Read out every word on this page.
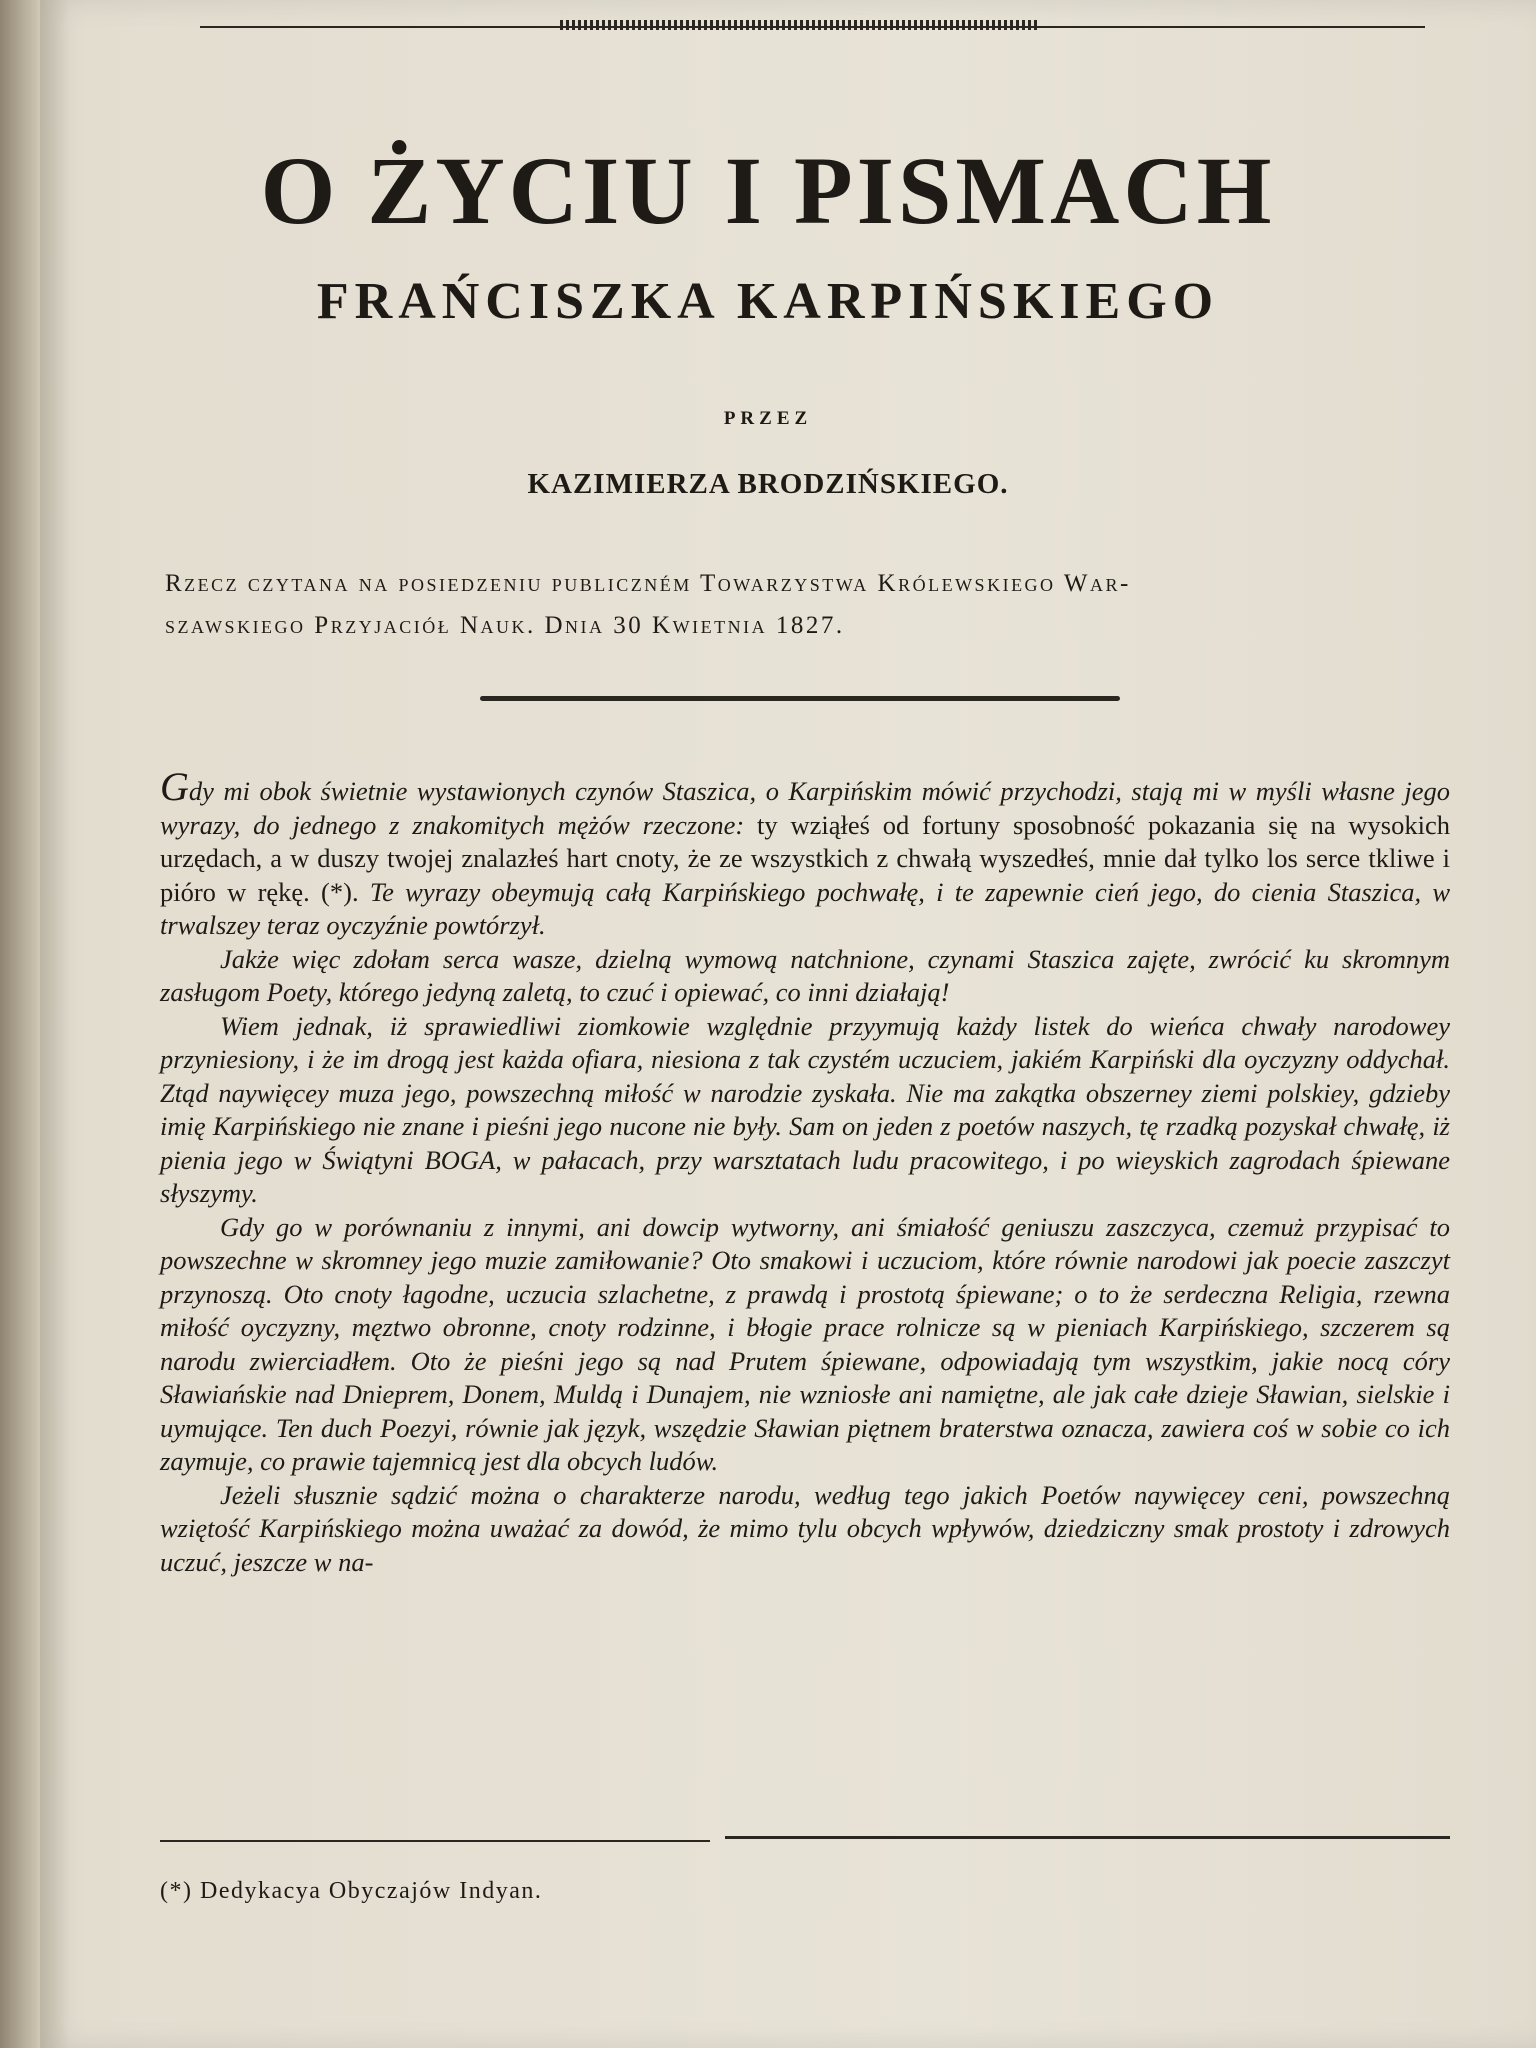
O ŻYCIU I PISMACH
FRAŃCISZKA KARPIŃSKIEGO
PRZEZ
KAZIMIERZA BRODZIŃSKIEGO.
Rzecz czytana na posiedzeniu publiczném Towarzystwa Królewskiego War-

szawskiego Przyjaciół Nauk. Dnia 30 Kwietnia 1827.

Gdy mi obok świetnie wystawionych czynów Staszica, o Karpińskim mówić przychodzi, stają mi w myśli własne jego wyrazy, do jednego z znakomitych mężów rzeczone: ty wziąłeś od fortuny sposobność pokazania się na wysokich urzędach, a w duszy twojej znalazłeś hart cnoty, że ze wszystkich z chwałą wyszedłeś, mnie dał tylko los serce tkliwe i pióro w rękę. (*). Te wyrazy obeymują całą Karpińskiego pochwałę, i te zapewnie cień jego, do cienia Staszica, w trwalszey teraz oyczyźnie powtórzył.

Jakże więc zdołam serca wasze, dzielną wymową natchnione, czynami Staszica zajęte, zwrócić ku skromnym zasługom Poety, którego jedyną zaletą, to czuć i opiewać, co inni działają!

Wiem jednak, iż sprawiedliwi ziomkowie względnie przyymują każdy listek do wieńca chwały narodowey przyniesiony, i że im drogą jest każda ofiara, niesiona z tak czystém uczuciem, jakiém Karpiński dla oyczyzny oddychał. Ztąd naywięcey muza jego, powszechną miłość w narodzie zyskała. Nie ma zakątka obszerney ziemi polskiey, gdzieby imię Karpińskiego nie znane i pieśni jego nucone nie były. Sam on jeden z poetów naszych, tę rzadką pozyskał chwałę, iż pienia jego w Świątyni BOGA, w pałacach, przy warsztatach ludu pracowitego, i po wieyskich zagrodach śpiewane słyszymy.

Gdy go w porównaniu z innymi, ani dowcip wytworny, ani śmiałość geniuszu zaszczyca, czemuż przypisać to powszechne w skromney jego muzie zamiłowanie? Oto smakowi i uczuciom, które równie narodowi jak poecie zaszczyt przynoszą. Oto cnoty łagodne, uczucia szlachetne, z prawdą i prostotą śpiewane; o to że serdeczna Religia, rzewna miłość oyczyzny, męztwo obronne, cnoty rodzinne, i błogie prace rolnicze są w pieniach Karpińskiego, szczerem są narodu zwierciadłem. Oto że pieśni jego są nad Prutem śpiewane, odpowiadają tym wszystkim, jakie nocą córy Sławiańskie nad Dnieprem, Donem, Muldą i Dunajem, nie wzniosłe ani namiętne, ale jak całe dzieje Sławian, sielskie i uymujące. Ten duch Poezyi, równie jak język, wszędzie Sławian piętnem braterstwa oznacza, zawiera coś w sobie co ich zaymuje, co prawie tajemnicą jest dla obcych ludów.

Jeżeli słusznie sądzić można o charakterze narodu, według tego jakich Poetów naywięcey ceni, powszechną wziętość Karpińskiego można uważać za dowód, że mimo tylu obcych wpływów, dziedziczny smak prostoty i zdrowych uczuć, jeszcze w na-

(*) Dedykacya Obyczajów Indyan.
